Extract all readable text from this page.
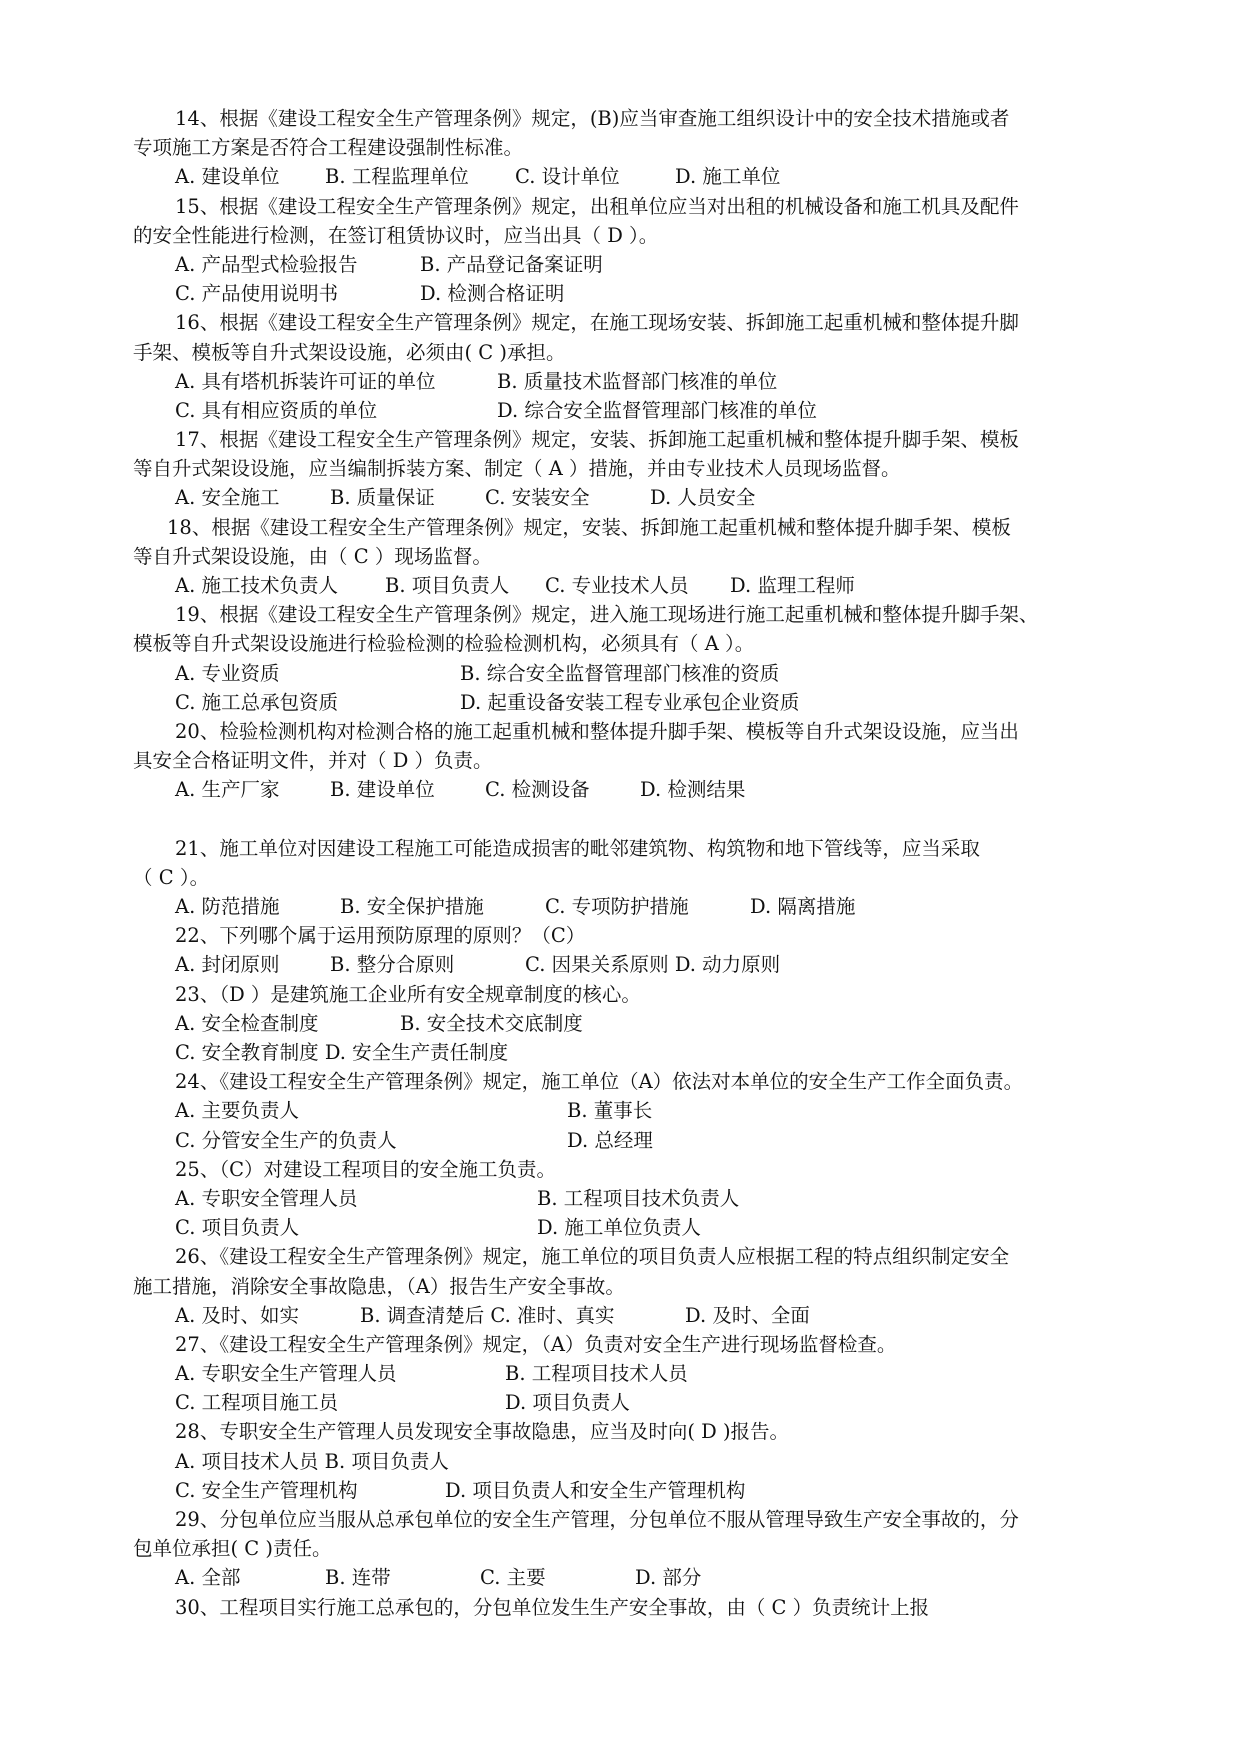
14、根据《建设工程安全生产管理条例》规定，(B)应当审查施工组织设计中的安全技术措施或者
专项施工方案是否符合工程建设强制性标准。
A. 建设单位 B. 工程监理单位 C. 设计单位	D. 施工单位
15、根据《建设工程安全生产管理条例》规定，出租单位应当对出租的机械设备和施工机具及配件
的安全性能进行检测，在签订租赁协议时，应当出具（ D ）。
A. 产品型式检验报告	B. 产品登记备案证明
C. 产品使用说明书	D. 检测合格证明
16、根据《建设工程安全生产管理条例》规定，在施工现场安装、拆卸施工起重机械和整体提升脚
手架、模板等自升式架设设施，必须由( C )承担。
A. 具有塔机拆装许可证的单位	B. 质量技术监督部门核准的单位
C. 具有相应资质的单位	D. 综合安全监督管理部门核准的单位
17、根据《建设工程安全生产管理条例》规定，安装、拆卸施工起重机械和整体提升脚手架、模板
等自升式架设设施，应当编制拆装方案、制定（ A ）措施，并由专业技术人员现场监督。
A. 安全施工	B. 质量保证	C. 安装安全	D. 人员安全
18、根据《建设工程安全生产管理条例》规定，安装、拆卸施工起重机械和整体提升脚手架、模板
等自升式架设设施，由（ C ）现场监督。
A. 施工技术负责人 B. 项目负责人 C. 专业技术人员 D. 监理工程师
19、根据《建设工程安全生产管理条例》规定，进入施工现场进行施工起重机械和整体提升脚手架、
模板等自升式架设设施进行检验检测的检验检测机构，必须具有（ A ）。
A. 专业资质	B. 综合安全监督管理部门核准的资质
C. 施工总承包资质	D. 起重设备安装工程专业承包企业资质
20、检验检测机构对检测合格的施工起重机械和整体提升脚手架、模板等自升式架设设施，应当出
具安全合格证明文件，并对（ D ）负责。
A. 生产厂家	B. 建设单位	C. 检测设备	D. 检测结果
21、施工单位对因建设工程施工可能造成损害的毗邻建筑物、构筑物和地下管线等，应当采取
（ C ）。
A. 防范措施	B. 安全保护措施	C. 专项防护措施	D. 隔离措施
22、下列哪个属于运用预防原理的原则？（C）
A. 封闭原则	B. 整分合原则	C. 因果关系原则 D. 动力原则
23、（D ）是建筑施工企业所有安全规章制度的核心。
A. 安全检查制度	B. 安全技术交底制度
C. 安全教育制度 D. 安全生产责任制度
24、《建设工程安全生产管理条例》规定，施工单位（A）依法对本单位的安全生产工作全面负责。
A. 主要负责人	B. 董事长
C. 分管安全生产的负责人	D. 总经理
25、（C）对建设工程项目的安全施工负责。
A. 专职安全管理人员	B. 工程项目技术负责人
C. 项目负责人	D. 施工单位负责人
26、《建设工程安全生产管理条例》规定，施工单位的项目负责人应根据工程的特点组织制定安全
施工措施，消除安全事故隐患，（A）报告生产安全事故。
A. 及时、如实	B. 调查清楚后 C. 准时、真实	D. 及时、全面
27、《建设工程安全生产管理条例》规定，（A）负责对安全生产进行现场监督检查。
A. 专职安全生产管理人员	B. 工程项目技术人员
C. 工程项目施工员	D. 项目负责人
28、专职安全生产管理人员发现安全事故隐患，应当及时向( D )报告。
A. 项目技术人员 B. 项目负责人
C. 安全生产管理机构	D. 项目负责人和安全生产管理机构
29、分包单位应当服从总承包单位的安全生产管理，分包单位不服从管理导致生产安全事故的，分
包单位承担( C )责任。
A. 全部	B. 连带	C. 主要	D. 部分
30、工程项目实行施工总承包的，分包单位发生生产安全事故，由（ C ）负责统计上报
